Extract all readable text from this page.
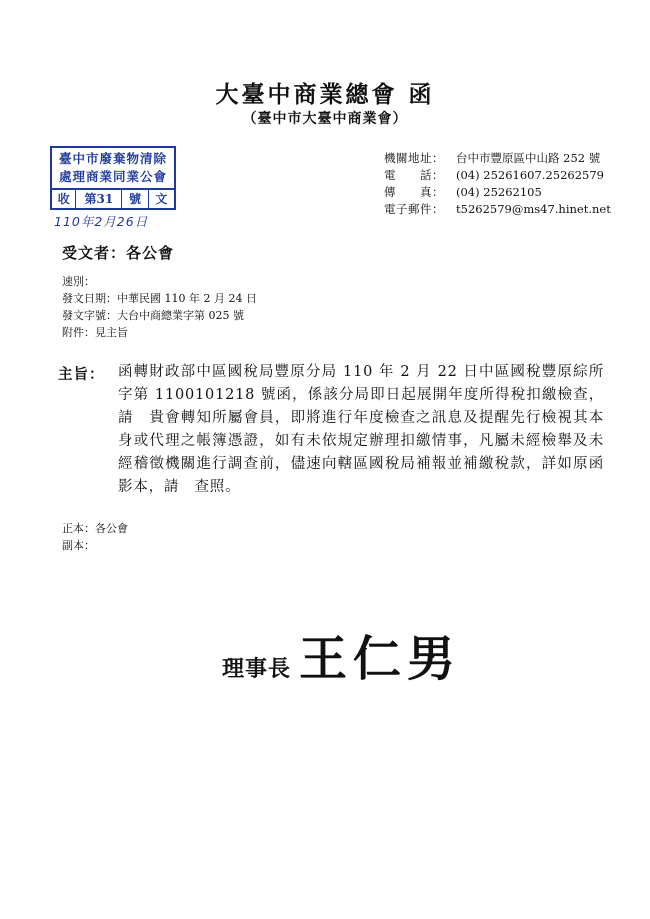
大臺中商業總會 函
（臺中市大臺中商業會）
臺中市廢棄物清除處理商業同業公會
收	第31	號	文
110年2月26日
機關地址：	台中市豐原區中山路 252 號
電　　話：	(04) 25261607.25262579
傳　　真：	(04) 25262105
電子郵件：	t5262579@ms47.hinet.net
受文者：各公會
速別：
發文日期：中華民國 110 年 2 月 24 日
發文字號：大台中商總業字第 025 號
附件：見主旨
主旨： 函轉財政部中區國稅局豐原分局 110 年 2 月 22 日中區國稅豐原綜所字第 1100101218 號函，係該分局即日起展開年度所得稅扣繳檢查，請　貴會轉知所屬會員，即將進行年度檢查之訊息及提醒先行檢視其本身或代理之帳簿憑證，如有未依規定辦理扣繳情事，凡屬未經檢舉及未經稽徵機關進行調查前，儘速向轄區國稅局補報並補繳稅款，詳如原函影本，請　查照。
正本：各公會
副本：
理事長 王仁男
